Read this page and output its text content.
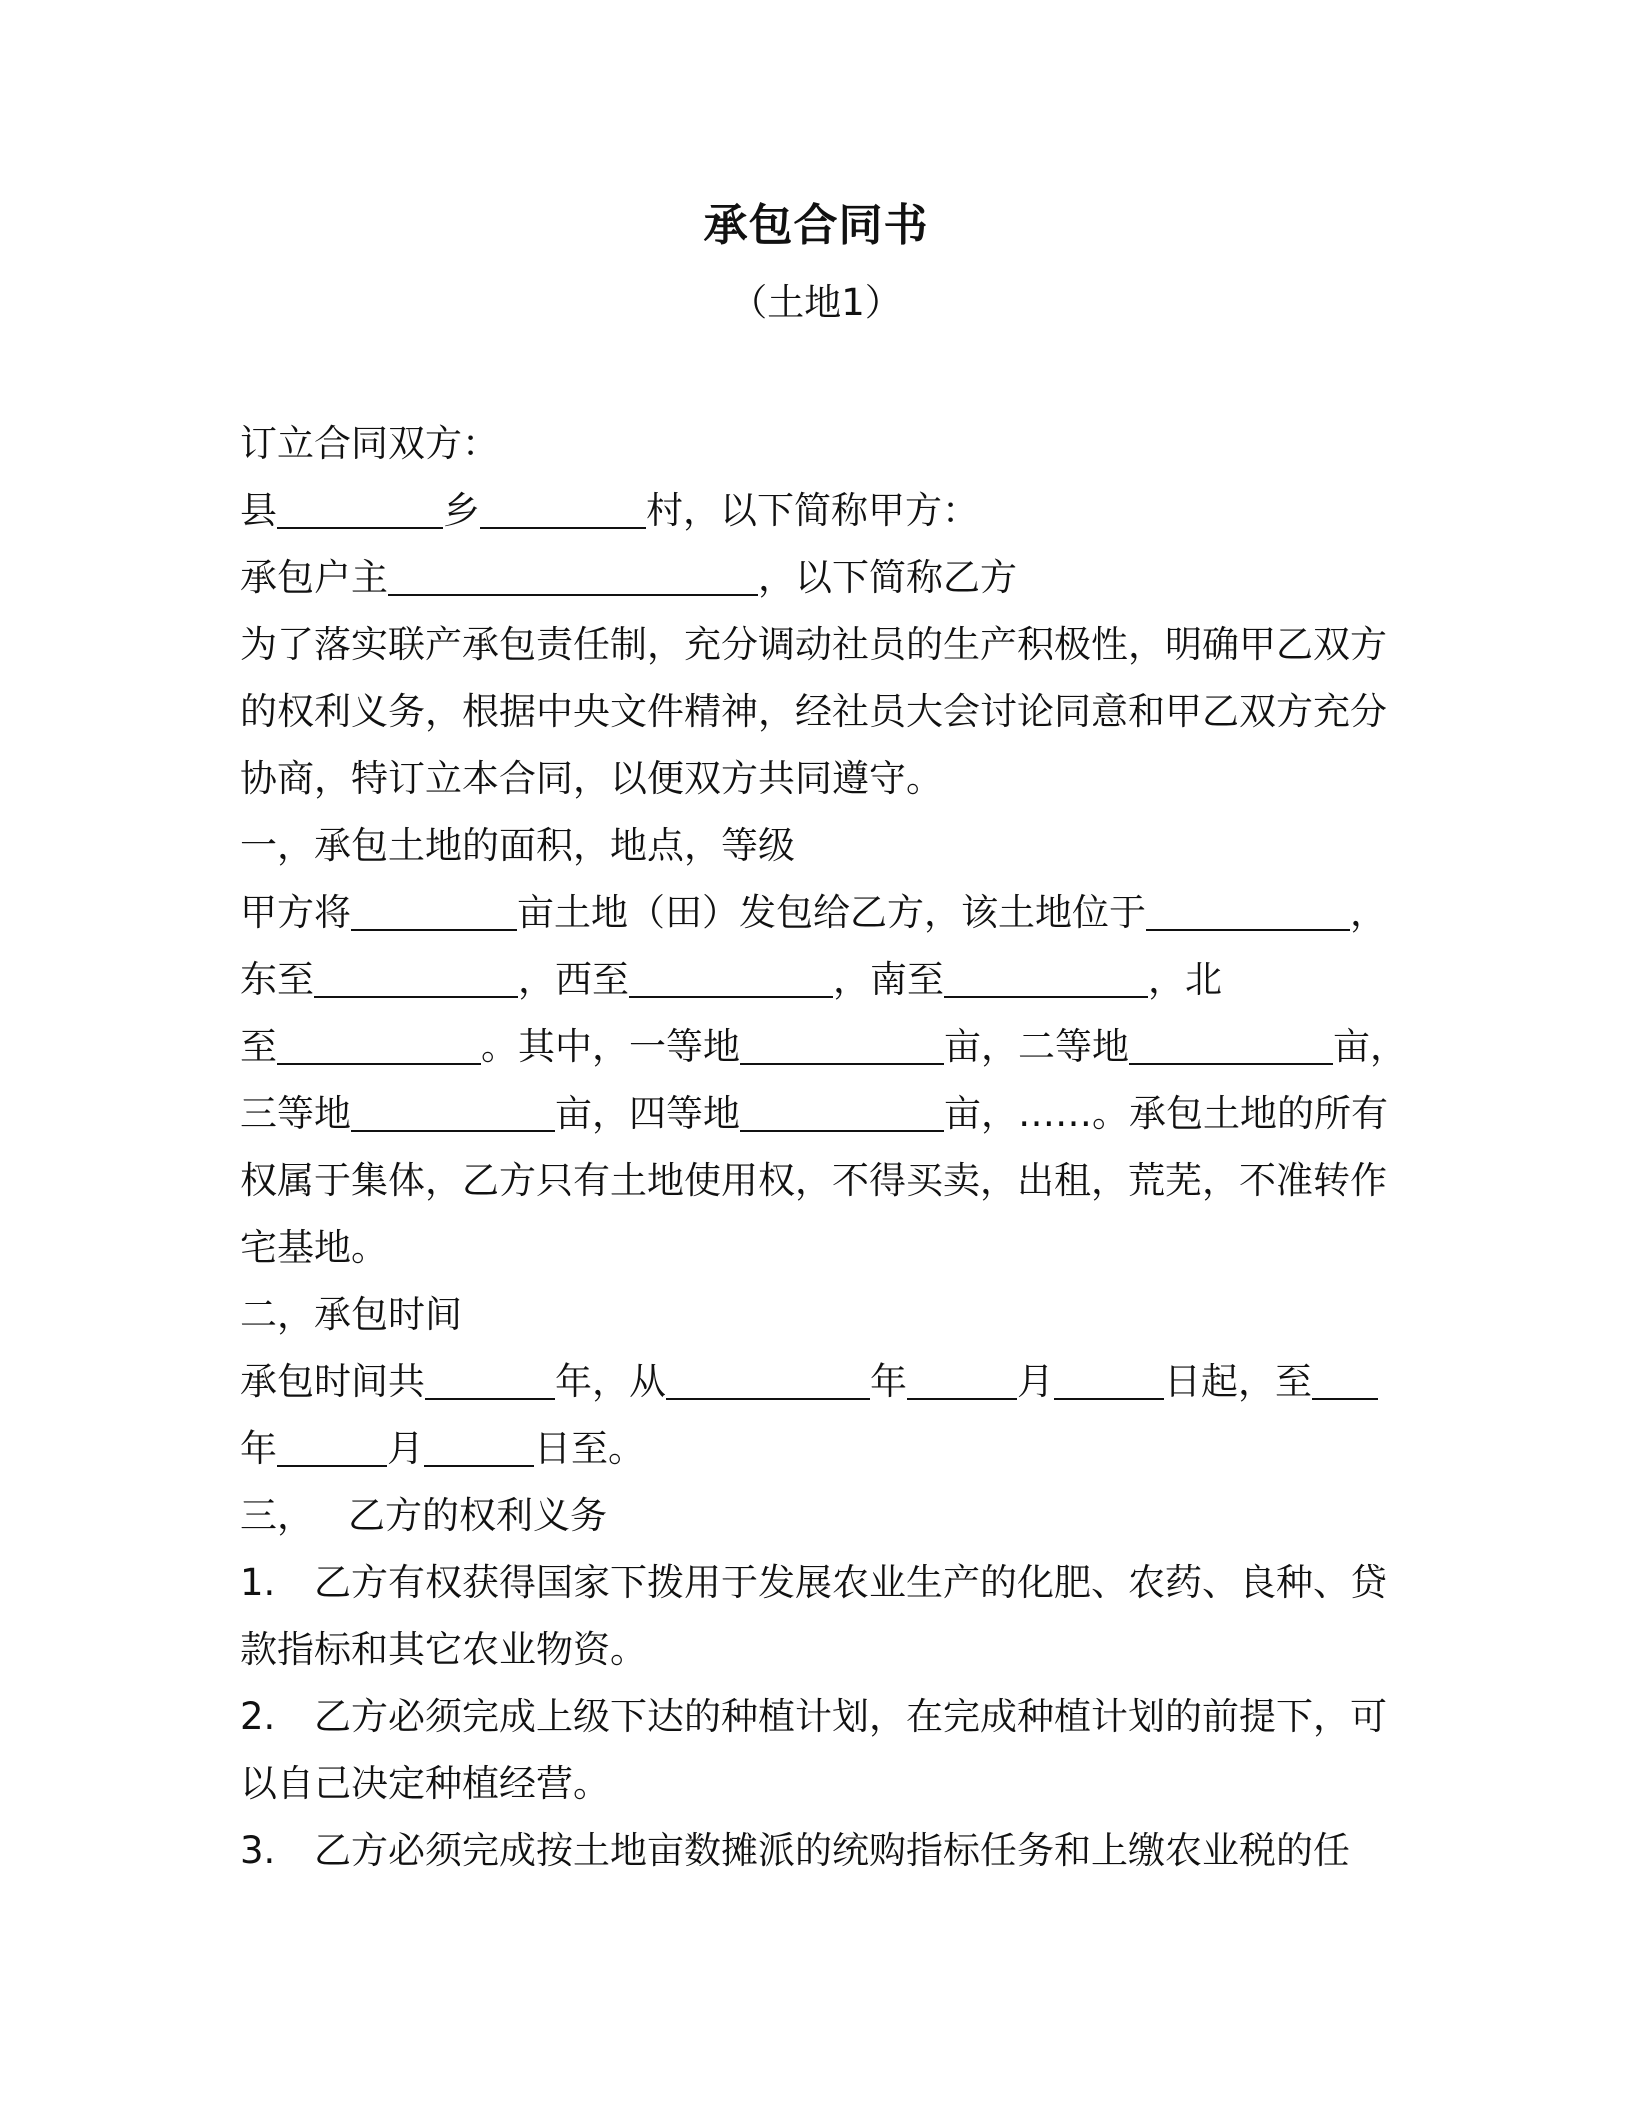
承包合同书
（土地1）
订立合同双方：
县	乡	村，以下简称甲方：
承包户主	，以下简称乙方
为了落实联产承包责任制，充分调动社员的生产积极性，明确甲乙双方
的权利义务，根据中央文件精神，经社员大会讨论同意和甲乙双方充分
协商，特订立本合同，以便双方共同遵守。
一，承包土地的面积，地点，等级
甲方将	亩土地（田）发包给乙方，该土地位于	，
东至	，西至	，南至	，北
至	。其中，一等地	亩，二等地	亩，
三等地	亩，四等地	亩，……。承包土地的所有
权属于集体，乙方只有土地使用权，不得买卖，出租，荒芜，不准转作
宅基地。
二，承包时间
承包时间共	年，从	年	月	日起，至
年	月	日至。
三， 乙方的权利义务
1. 乙方有权获得国家下拨用于发展农业生产的化肥、农药、良种、贷
款指标和其它农业物资。
2. 乙方必须完成上级下达的种植计划，在完成种植计划的前提下，可
以自己决定种植经营。
3. 乙方必须完成按土地亩数摊派的统购指标任务和上缴农业税的任
